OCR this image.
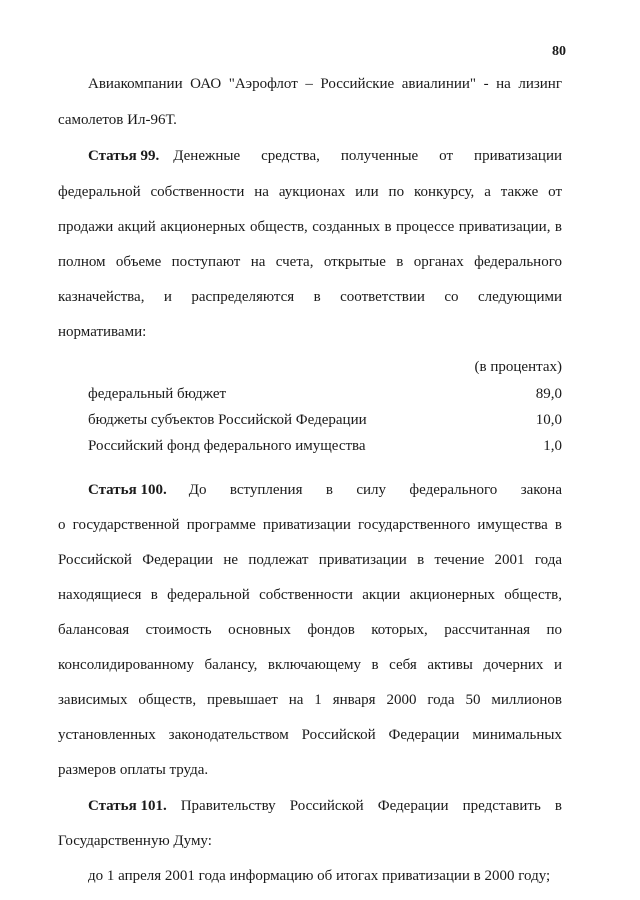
80
Авиакомпании ОАО "Аэрофлот – Российские авиалинии" - на лизинг
самолетов Ил-96Т.
Статья 99. Денежные средства, полученные от приватизации
федеральной собственности на аукционах или по конкурсу, а также от
продажи акций акционерных обществ, созданных в процессе приватизации, в
полном объеме поступают на счета, открытые в органах федерального
казначейства, и распределяются в соответствии со следующими
нормативами:
(в процентах)
федеральный бюджет	89,0
бюджеты субъектов Российской Федерации	10,0
Российский фонд федерального имущества	1,0
Статья 100. До вступления в силу федерального закона
о государственной программе приватизации государственного имущества в
Российской Федерации не подлежат приватизации в течение 2001 года
находящиеся в федеральной собственности акции акционерных обществ,
балансовая стоимость основных фондов которых, рассчитанная по
консолидированному балансу, включающему в себя активы дочерних и
зависимых обществ, превышает на 1 января 2000 года 50 миллионов
установленных законодательством Российской Федерации минимальных
размеров оплаты труда.
Статья 101. Правительству Российской Федерации представить в
Государственную Думу:
до 1 апреля 2001 года информацию об итогах приватизации в 2000 году;
